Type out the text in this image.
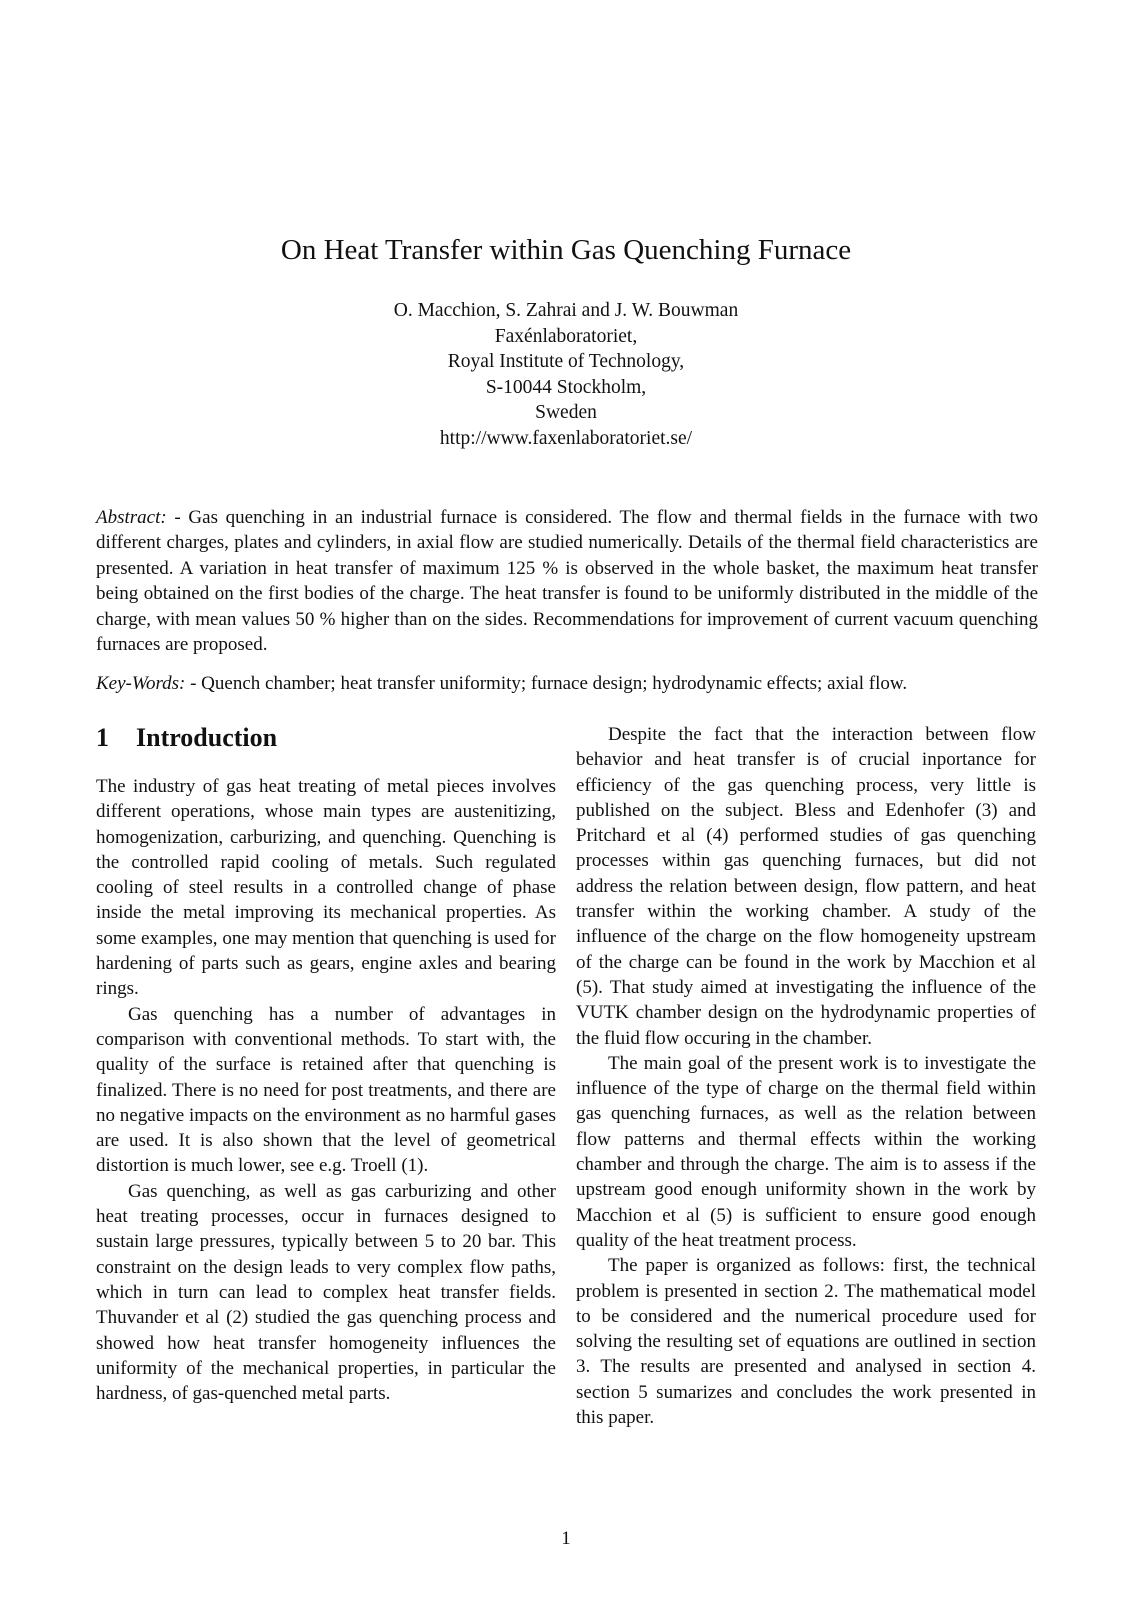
On Heat Transfer within Gas Quenching Furnace
O. Macchion, S. Zahrai and J. W. Bouwman
Faxénlaboratoriet,
Royal Institute of Technology,
S-10044 Stockholm,
Sweden
http://www.faxenlaboratoriet.se/

Abstract: - Gas quenching in an industrial furnace is considered. The flow and thermal fields in the furnace with two different charges, plates and cylinders, in axial flow are studied numerically. Details of the thermal field characteristics are presented. A variation in heat transfer of maximum 125 % is observed in the whole basket, the maximum heat transfer being obtained on the first bodies of the charge. The heat transfer is found to be uniformly distributed in the middle of the charge, with mean values 50 % higher than on the sides. Recommendations for improvement of current vacuum quenching furnaces are proposed.

Key-Words: - Quench chamber; heat transfer uniformity; furnace design; hydrodynamic effects; axial flow.

1 Introduction

The industry of gas heat treating of metal pieces involves different operations, whose main types are austenitizing, homogenization, carburizing, and quenching. Quenching is the controlled rapid cooling of metals. Such regulated cooling of steel results in a controlled change of phase inside the metal improving its mechanical properties. As some examples, one may mention that quenching is used for hardening of parts such as gears, engine axles and bearing rings.

Gas quenching has a number of advantages in comparison with conventional methods. To start with, the quality of the surface is retained after that quenching is finalized. There is no need for post treatments, and there are no negative impacts on the environment as no harmful gases are used. It is also shown that the level of geometrical distortion is much lower, see e.g. Troell (1).

Gas quenching, as well as gas carburizing and other heat treating processes, occur in furnaces designed to sustain large pressures, typically between 5 to 20 bar. This constraint on the design leads to very complex flow paths, which in turn can lead to complex heat transfer fields. Thuvander et al (2) studied the gas quenching process and showed how heat transfer homogeneity influences the uniformity of the mechanical properties, in particular the hardness, of gas-quenched metal parts.

Despite the fact that the interaction between flow behavior and heat transfer is of crucial inportance for efficiency of the gas quenching process, very little is published on the subject. Bless and Edenhofer (3) and Pritchard et al (4) performed studies of gas quenching processes within gas quenching furnaces, but did not address the relation between design, flow pattern, and heat transfer within the working chamber. A study of the influence of the charge on the flow homogeneity upstream of the charge can be found in the work by Macchion et al (5). That study aimed at investigating the influence of the VUTK chamber design on the hydrodynamic properties of the fluid flow occuring in the chamber.

The main goal of the present work is to investigate the influence of the type of charge on the thermal field within gas quenching furnaces, as well as the relation between flow patterns and thermal effects within the working chamber and through the charge. The aim is to assess if the upstream good enough uniformity shown in the work by Macchion et al (5) is sufficient to ensure good enough quality of the heat treatment process.

The paper is organized as follows: first, the technical problem is presented in section 2. The mathematical model to be considered and the numerical procedure used for solving the resulting set of equations are outlined in section 3. The results are presented and analysed in section 4. section 5 sumarizes and concludes the work presented in this paper.

1
